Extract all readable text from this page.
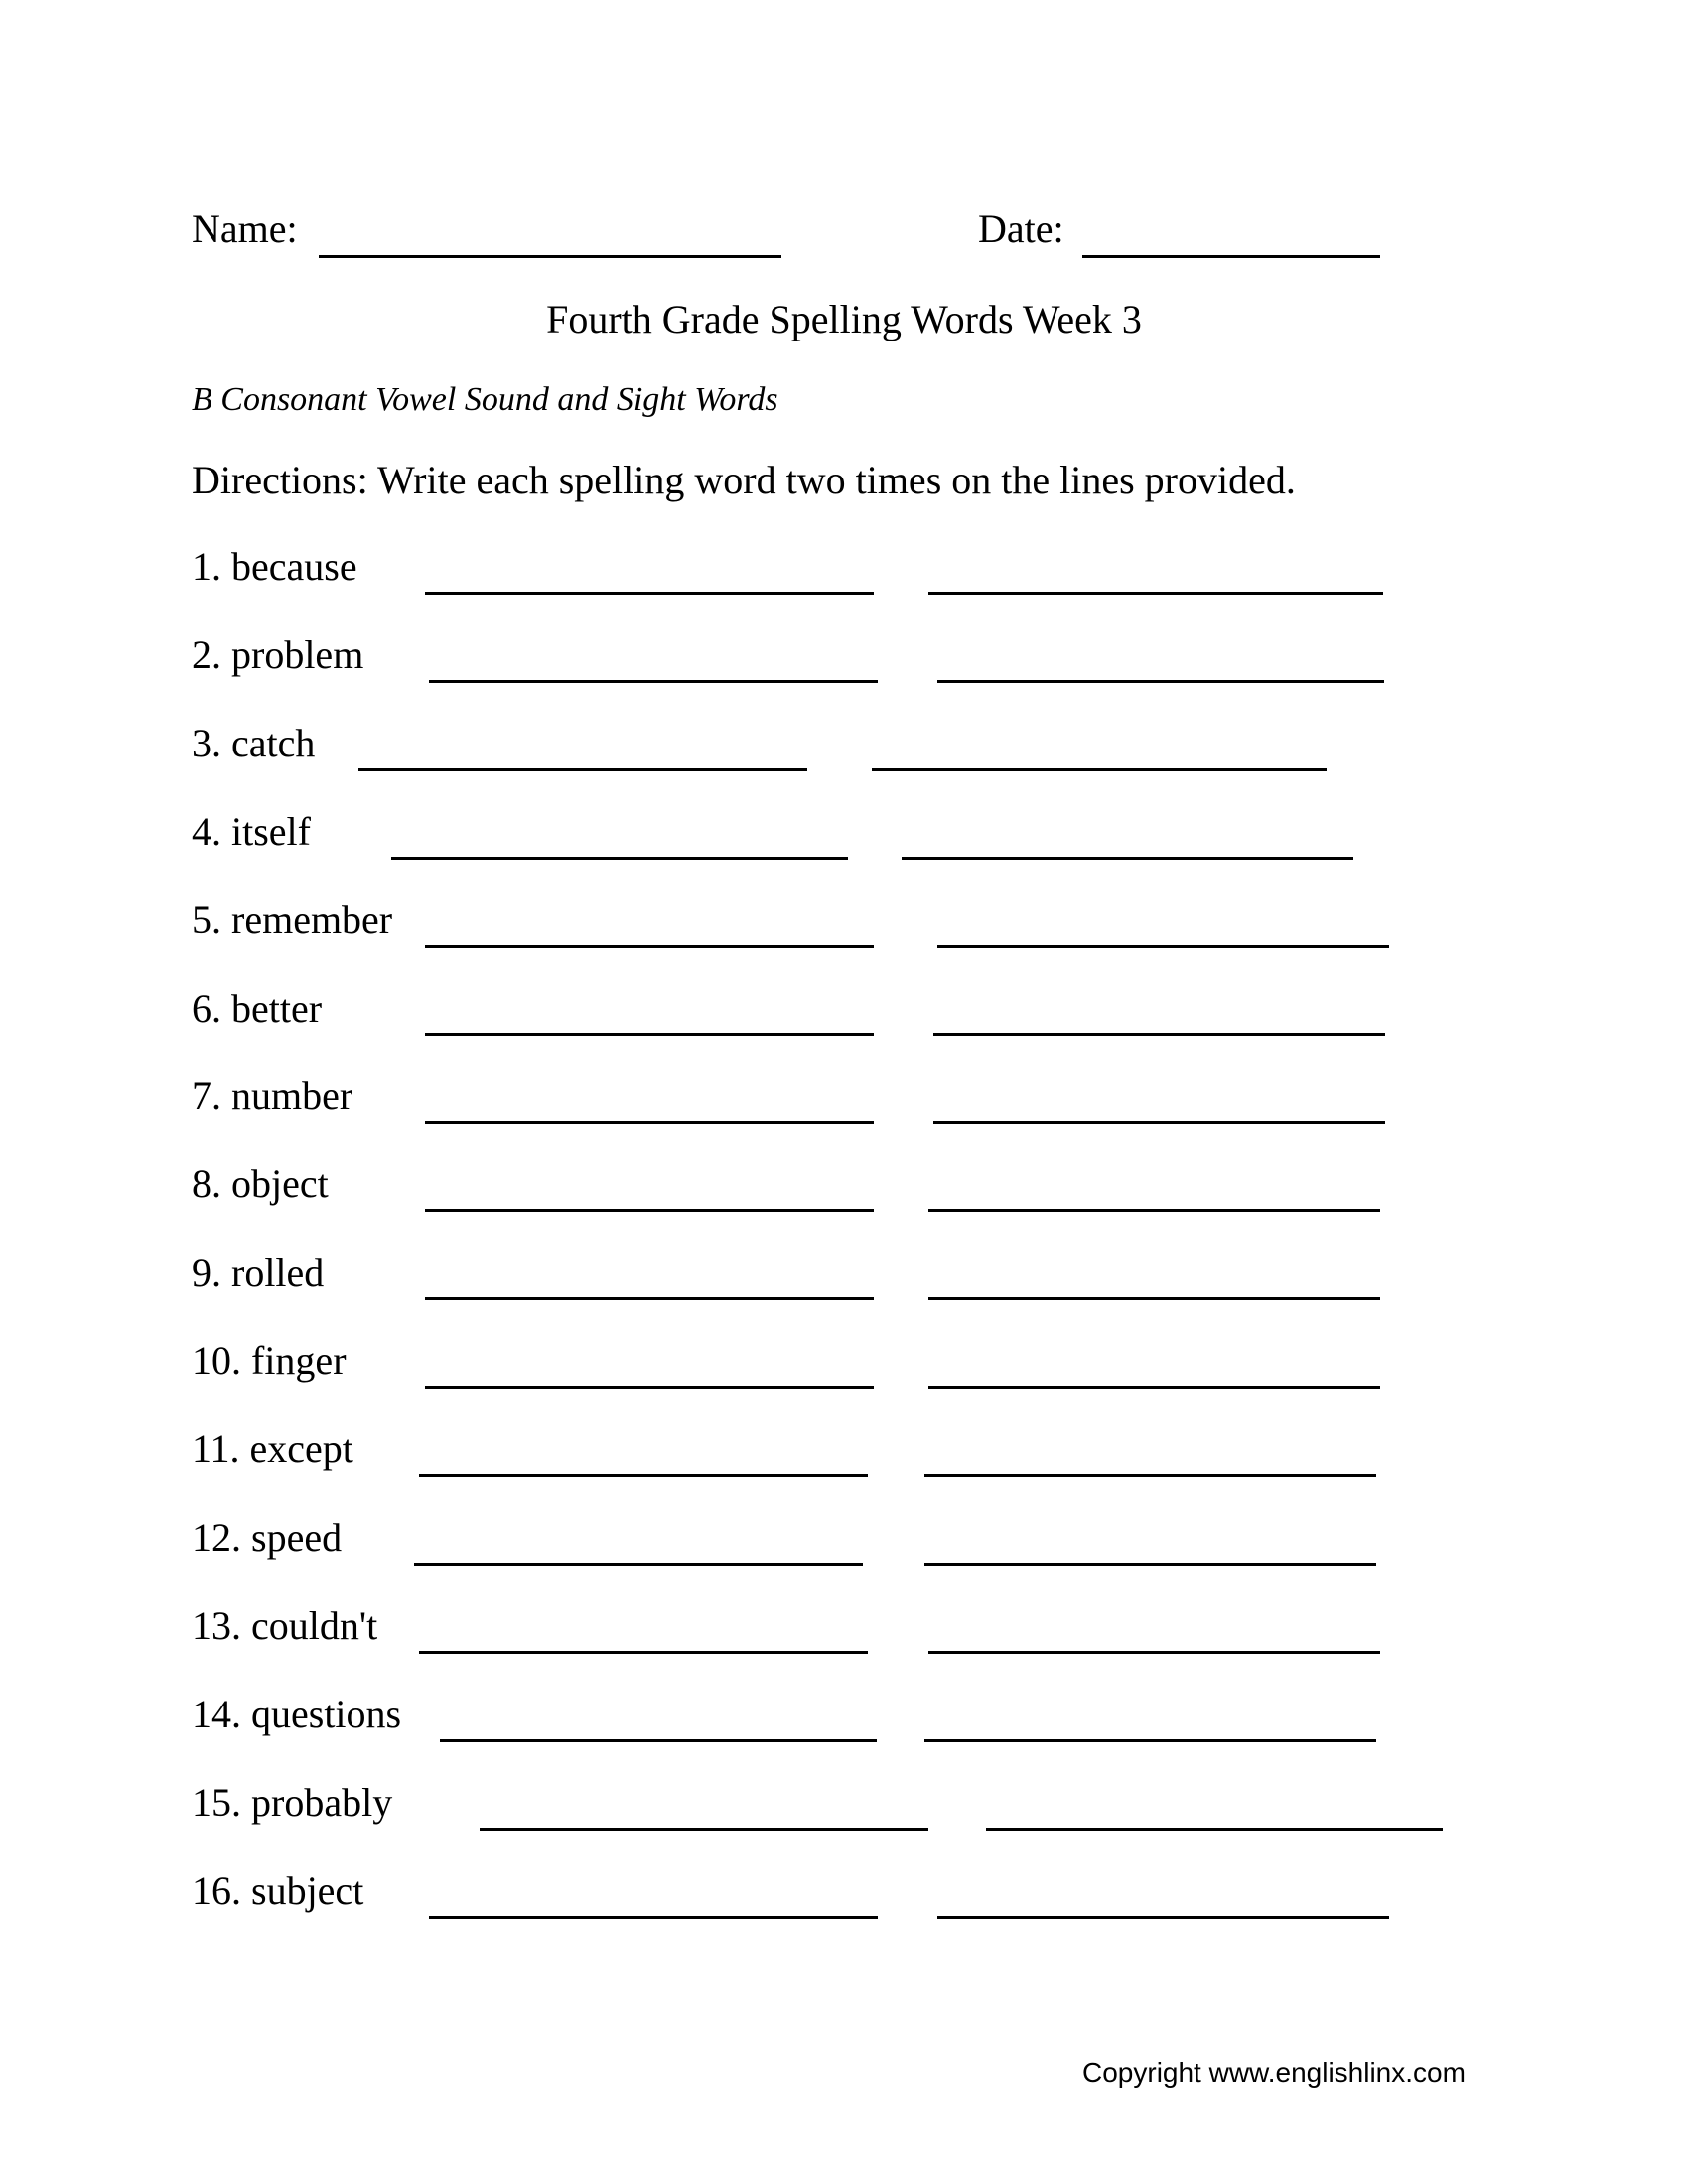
Name:	Date:
Fourth Grade Spelling Words Week 3
B Consonant Vowel Sound and Sight Words
Directions: Write each spelling word two times on the lines provided.
1. because
2. problem
3. catch
4. itself
5. remember
6. better
7. number
8. object
9. rolled
10. finger
11. except
12. speed
13. couldn't
14. questions
15. probably
16. subject
Copyright www.englishlinx.com
